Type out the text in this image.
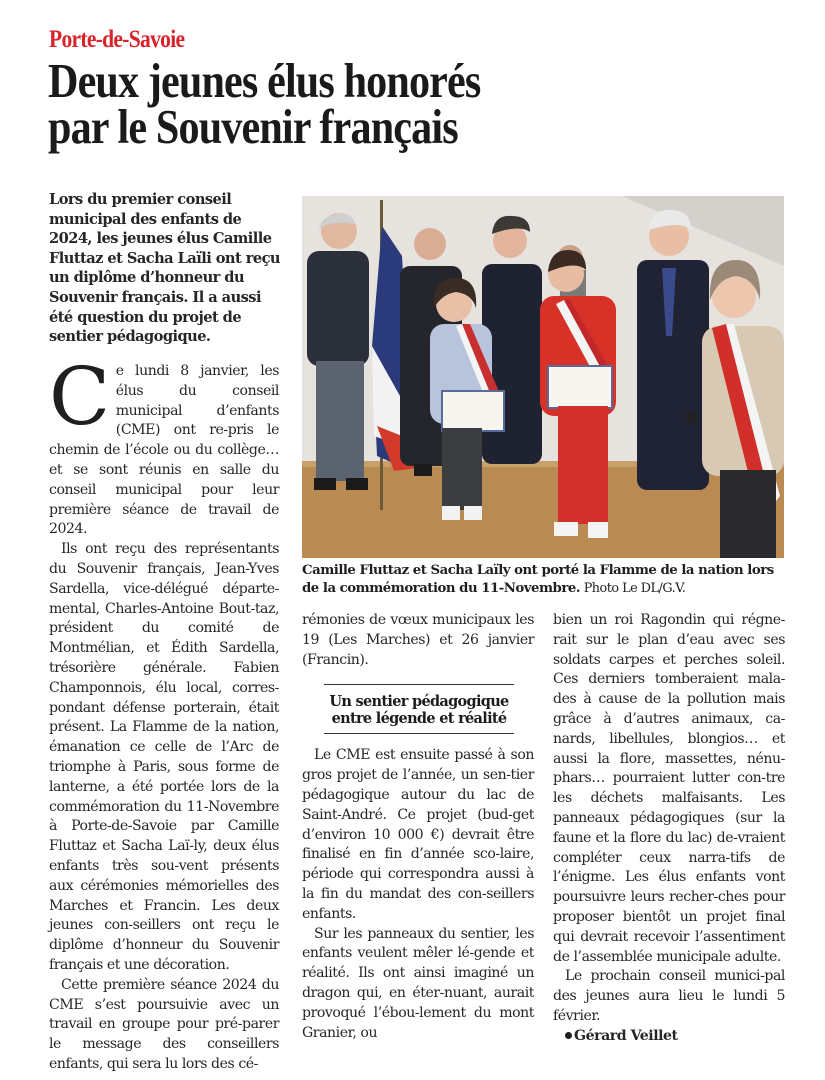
Porte-de-Savoie
Deux jeunes élus honorés
par le Souvenir français
Lors du premier conseil municipal des enfants de 2024, les jeunes élus Camille Fluttaz et Sacha Laïli ont reçu un diplôme d’honneur du Souvenir français. Il a aussi été question du projet de sentier pédagogique.

Ce lundi 8 janvier, les élus du conseil municipal d’enfants (CME) ont re-pris le chemin de l’école ou du collège… et se sont réunis en salle du conseil municipal pour leur première séance de travail de 2024.

Ils ont reçu des représentants du Souvenir français, Jean-Yves Sardella, vice-délégué départe-mental, Charles-Antoine Bout-taz, président du comité de Montmélian, et Édith Sardella, trésorière générale. Fabien Champonnois, élu local, corres-pondant défense porterain, était présent. La Flamme de la nation, émanation ce celle de l’Arc de triomphe à Paris, sous forme de lanterne, a été portée lors de la commémoration du 11-Novembre à Porte-de-Savoie par Camille Fluttaz et Sacha Laï-ly, deux élus enfants très sou-vent présents aux cérémonies mémorielles des Marches et Francin. Les deux jeunes con-seillers ont reçu le diplôme d’honneur du Souvenir français et une décoration.

Cette première séance 2024 du CME s’est poursuivie avec un travail en groupe pour pré-parer le message des conseillers enfants, qui sera lu lors des cé-

Camille Fluttaz et Sacha Laïly ont porté la Flamme de la nation lors de la commémoration du 11-Novembre. Photo Le DL/G.V.

rémonies de vœux municipaux les 19 (Les Marches) et 26 janvier (Francin).

Un sentier pédagogique entre légende et réalité

Le CME est ensuite passé à son gros projet de l’année, un sen-tier pédagogique autour du lac de Saint-André. Ce projet (bud-get d’environ 10 000 €) devrait être finalisé en fin d’année sco-laire, période qui correspondra aussi à la fin du mandat des con-seillers enfants.

Sur les panneaux du sentier, les enfants veulent mêler lé-gende et réalité. Ils ont ainsi imaginé un dragon qui, en éter-nuant, aurait provoqué l’ébou-lement du mont Granier, ou

bien un roi Ragondin qui régne-rait sur le plan d’eau avec ses soldats carpes et perches soleil. Ces derniers tomberaient mala-des à cause de la pollution mais grâce à d’autres animaux, ca-nards, libellules, blongios… et aussi la flore, massettes, nénu-phars… pourraient lutter con-tre les déchets malfaisants. Les panneaux pédagogiques (sur la faune et la flore du lac) de-vraient compléter ceux narra-tifs de l’énigme. Les élus enfants vont poursuivre leurs recher-ches pour proposer bientôt un projet final qui devrait recevoir l’assentiment de l’assemblée municipale adulte.

Le prochain conseil munici-pal des jeunes aura lieu le lundi 5 février.

Gérard Veillet
